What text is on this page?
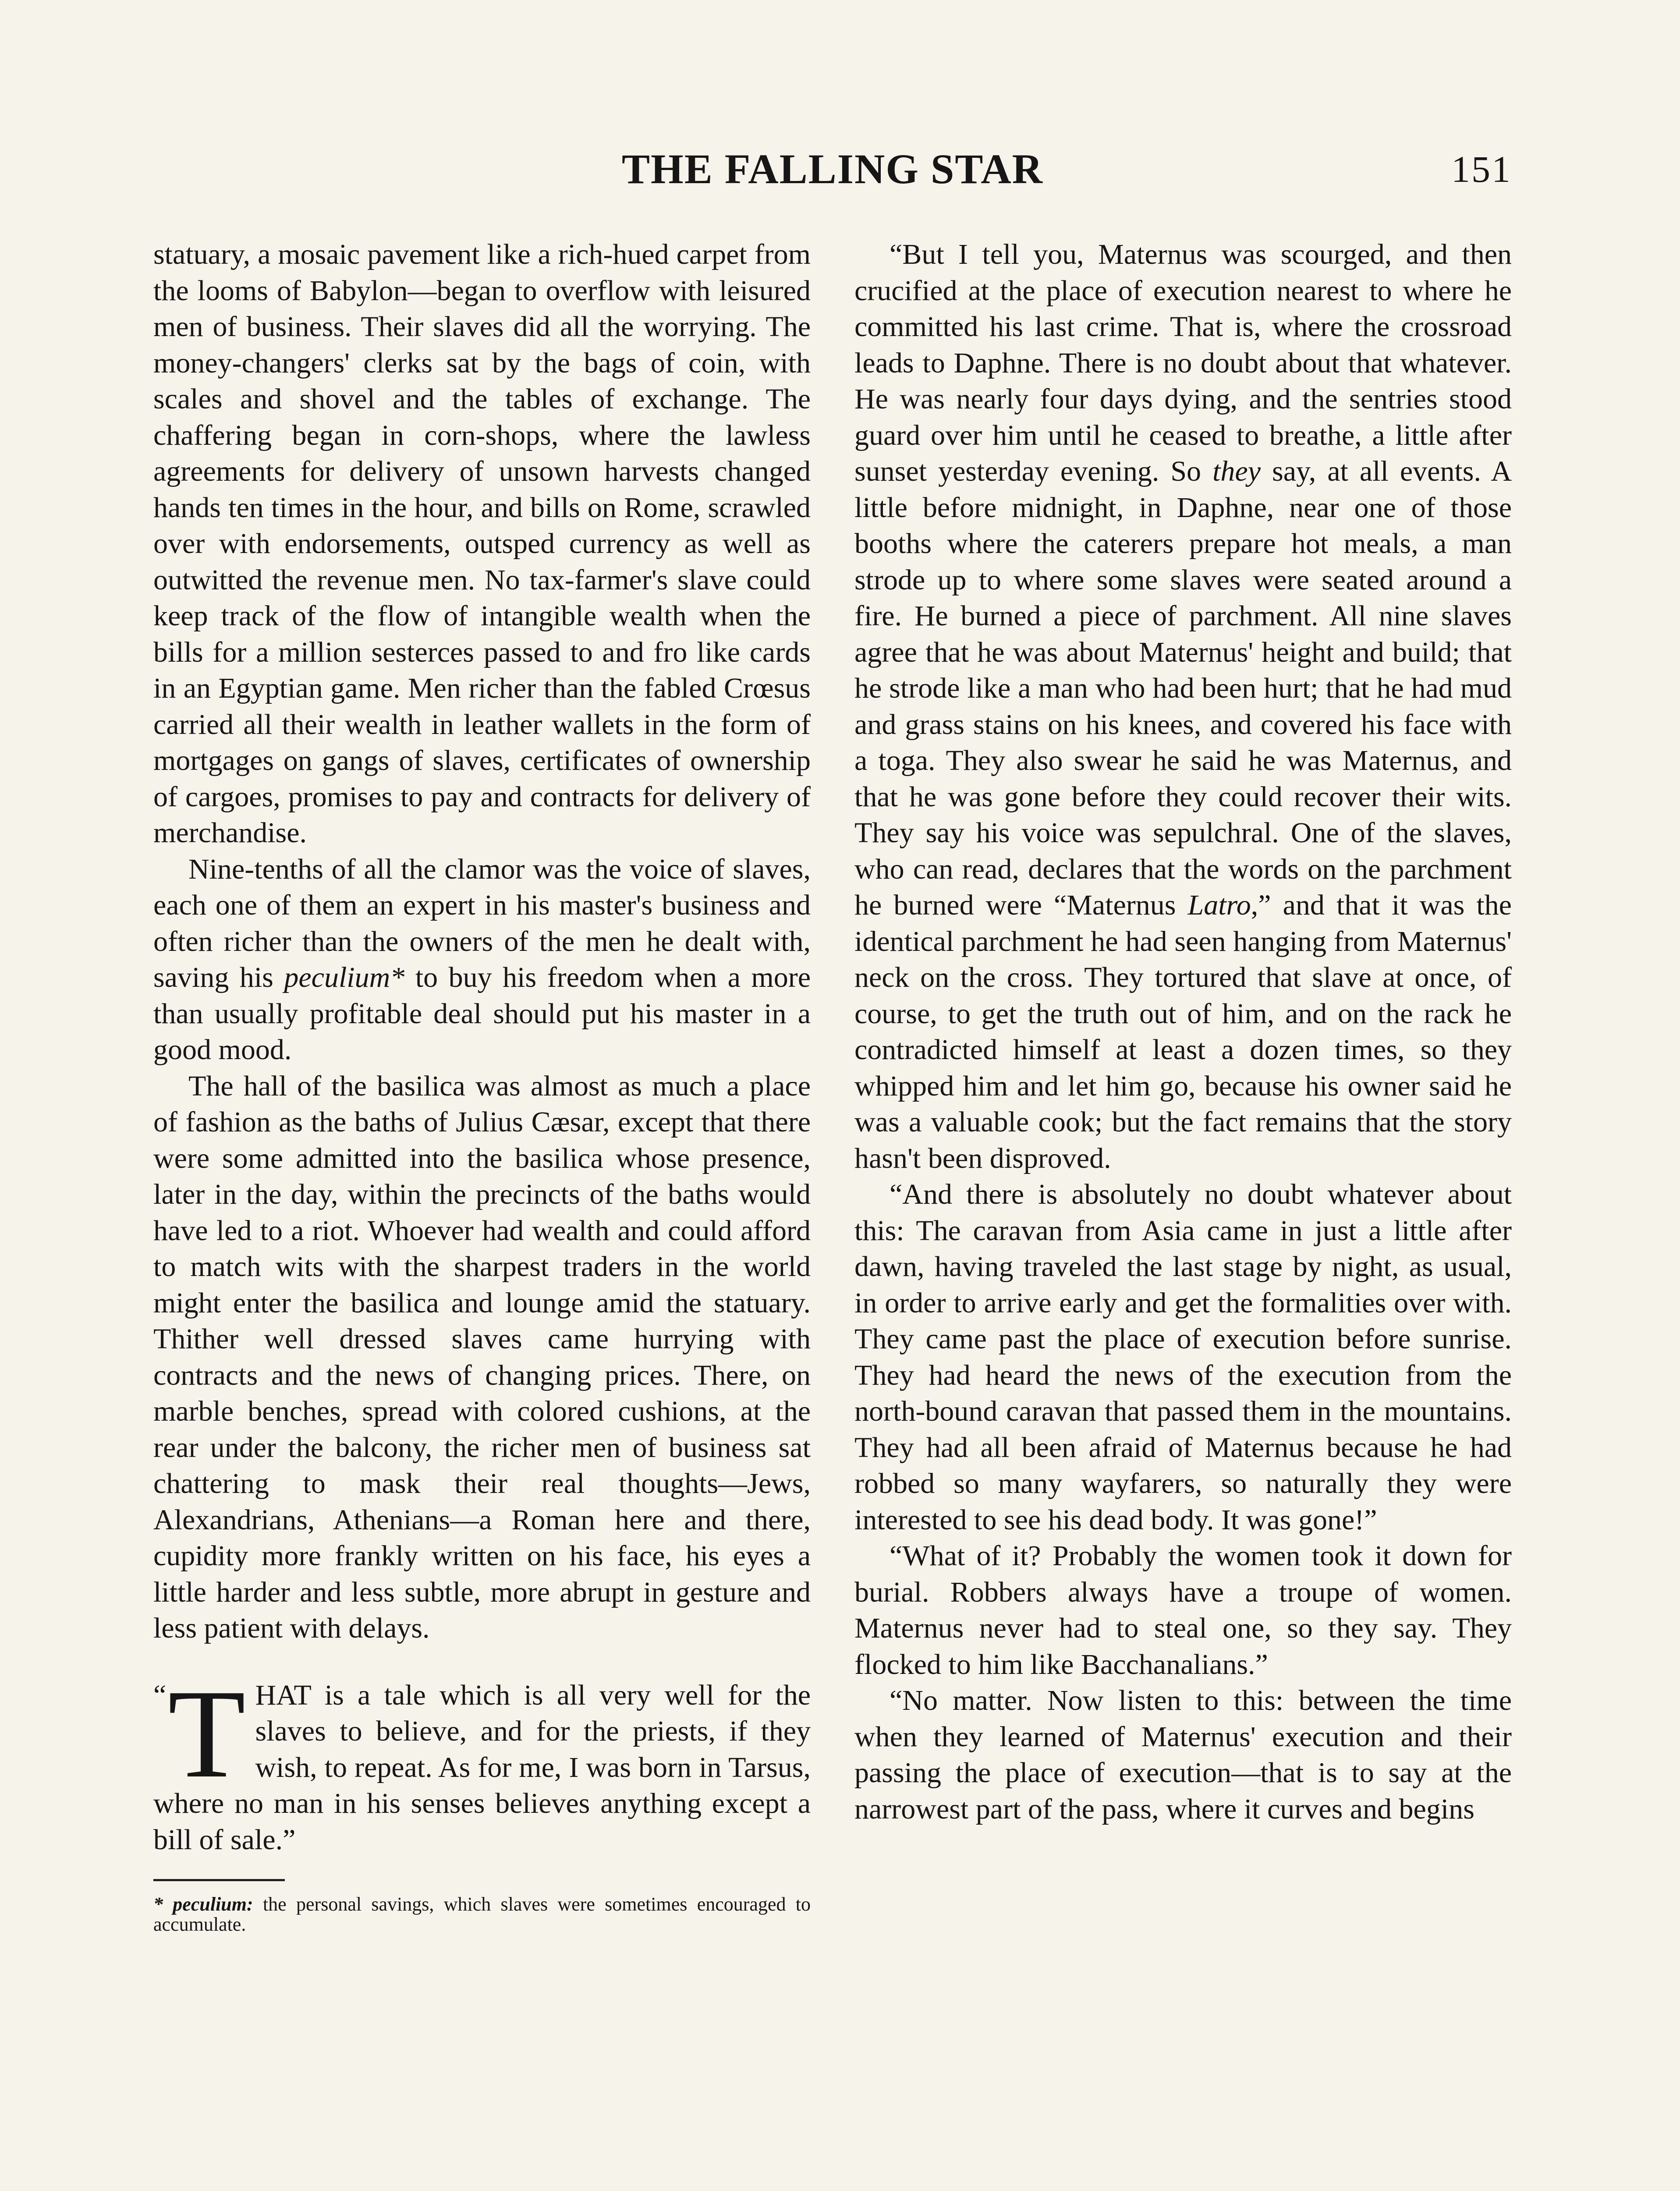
THE FALLING STAR	151

statuary, a mosaic pavement like a rich-hued carpet from the looms of Babylon—began to overflow with leisured men of business. Their slaves did all the worrying. The money-changers' clerks sat by the bags of coin, with scales and shovel and the tables of exchange. The chaffering began in corn-shops, where the lawless agreements for delivery of unsown harvests changed hands ten times in the hour, and bills on Rome, scrawled over with endorsements, outsped currency as well as outwitted the revenue men. No tax-farmer's slave could keep track of the flow of intangible wealth when the bills for a million sesterces passed to and fro like cards in an Egyptian game. Men richer than the fabled Crœsus carried all their wealth in leather wallets in the form of mortgages on gangs of slaves, certificates of ownership of cargoes, promises to pay and contracts for delivery of merchandise.

Nine-tenths of all the clamor was the voice of slaves, each one of them an expert in his master's business and often richer than the owners of the men he dealt with, saving his peculium* to buy his freedom when a more than usually profitable deal should put his master in a good mood.

The hall of the basilica was almost as much a place of fashion as the baths of Julius Cæsar, except that there were some admitted into the basilica whose presence, later in the day, within the precincts of the baths would have led to a riot. Whoever had wealth and could afford to match wits with the sharpest traders in the world might enter the basilica and lounge amid the statuary. Thither well dressed slaves came hurrying with contracts and the news of changing prices. There, on marble benches, spread with colored cushions, at the rear under the balcony, the richer men of business sat chattering to mask their real thoughts—Jews, Alexandrians, Athenians—a Roman here and there, cupidity more frankly written on his face, his eyes a little harder and less subtle, more abrupt in gesture and less patient with delays.

“ T HAT is a tale which is all very well for the slaves to believe, and for the priests, if they wish, to repeat. As for me, I was born in Tarsus, where no man in his senses believes anything except a bill of sale.”

* peculium: the personal savings, which slaves were sometimes encouraged to accumulate.

“But I tell you, Maternus was scourged, and then crucified at the place of execution nearest to where he committed his last crime. That is, where the crossroad leads to Daphne. There is no doubt about that whatever. He was nearly four days dying, and the sentries stood guard over him until he ceased to breathe, a little after sunset yesterday evening. So they say, at all events. A little before midnight, in Daphne, near one of those booths where the caterers prepare hot meals, a man strode up to where some slaves were seated around a fire. He burned a piece of parchment. All nine slaves agree that he was about Maternus' height and build; that he strode like a man who had been hurt; that he had mud and grass stains on his knees, and covered his face with a toga. They also swear he said he was Maternus, and that he was gone before they could recover their wits. They say his voice was sepulchral. One of the slaves, who can read, declares that the words on the parchment he burned were “Maternus Latro,” and that it was the identical parchment he had seen hanging from Maternus' neck on the cross. They tortured that slave at once, of course, to get the truth out of him, and on the rack he contradicted himself at least a dozen times, so they whipped him and let him go, because his owner said he was a valuable cook; but the fact remains that the story hasn't been disproved.

“And there is absolutely no doubt whatever about this: The caravan from Asia came in just a little after dawn, having traveled the last stage by night, as usual, in order to arrive early and get the formalities over with. They came past the place of execution before sunrise. They had heard the news of the execution from the north-bound caravan that passed them in the mountains. They had all been afraid of Maternus because he had robbed so many wayfarers, so naturally they were interested to see his dead body. It was gone!”

“What of it? Probably the women took it down for burial. Robbers always have a troupe of women. Maternus never had to steal one, so they say. They flocked to him like Bacchanalians.”

“No matter. Now listen to this: between the time when they learned of Maternus' execution and their passing the place of execution—that is to say at the narrowest part of the pass, where it curves and begins
